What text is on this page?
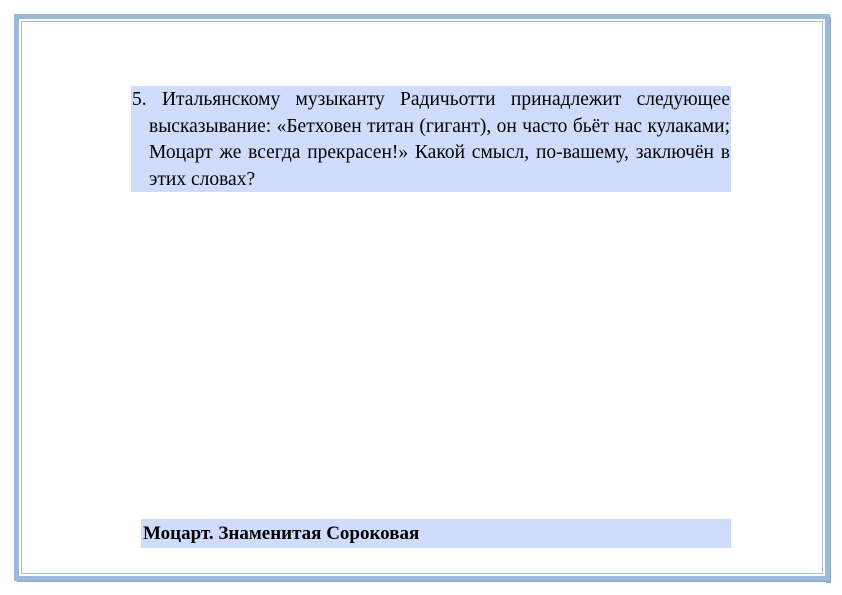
5. Итальянскому музыканту Радичьотти принадлежит следующее высказывание: «Бетховен титан (гигант), он часто бьёт нас кулаками; Моцарт же всегда прекрасен!» Какой смысл, по-вашему, заключён в этих словах?
Моцарт. Знаменитая Сороковая
